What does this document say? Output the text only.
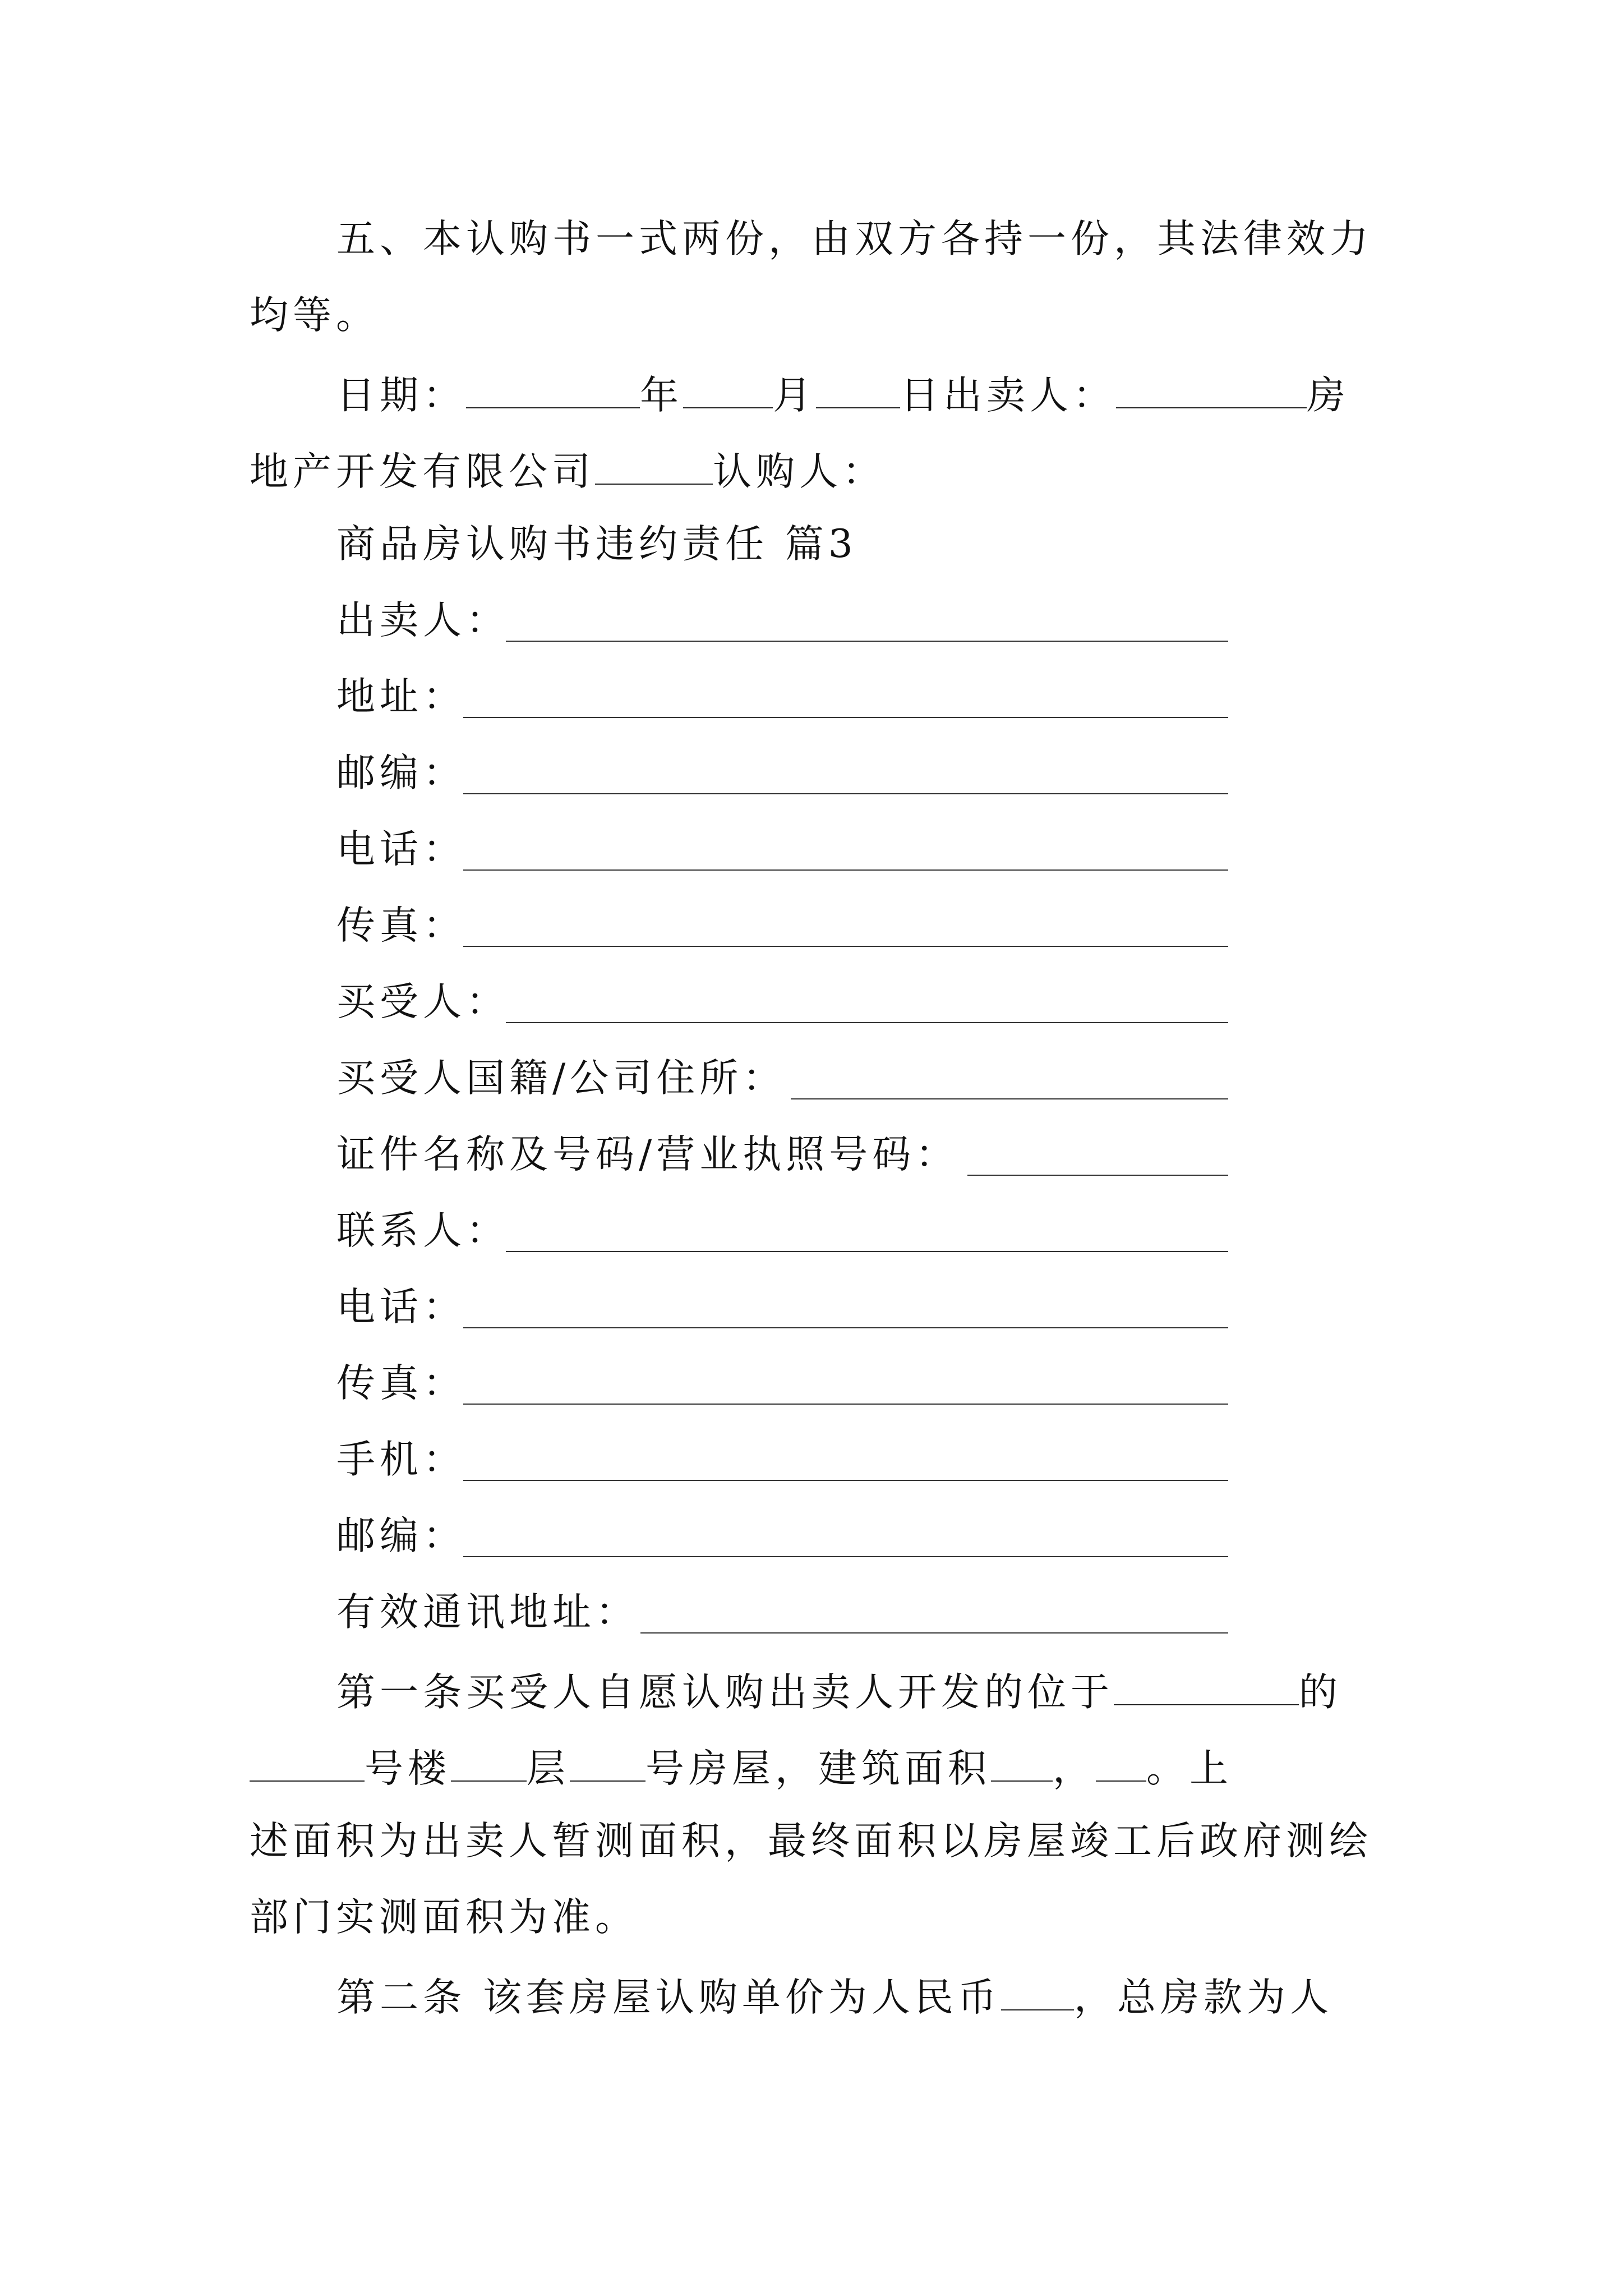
五、本认购书一式两份，由双方各持一份，其法律效力
均等。
日期：	年 月 日出卖人：	房
地产开发有限公司	认购人：
商品房认购书违约责任 篇3
出卖人：
地址：
邮编：
电话：
传真：
买受人：
买受人国籍/公司住所：
证件名称及号码/营业执照号码：
联系人：
电话：
传真：
手机：
邮编：
有效通讯地址：
第一条买受人自愿认购出卖人开发的位于	的
号楼 层 号房屋，建筑面积 ， 。上
述面积为出卖人暂测面积，最终面积以房屋竣工后政府测绘
部门实测面积为准。
第二条 该套房屋认购单价为人民币 ，总房款为人
